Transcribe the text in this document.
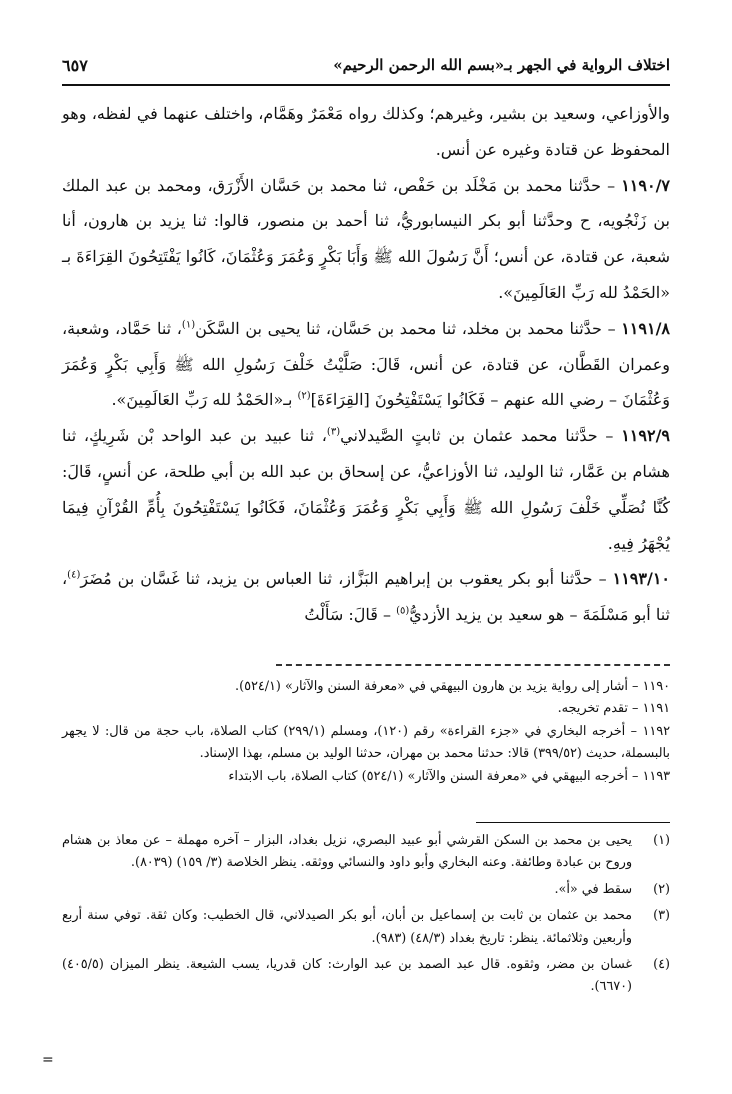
اختلاف الرواية في الجهر بـ«بسم الله الرحمن الرحيم»
٦٥٧

والأوزاعي، وسعيد بن بشير، وغيرهم؛ وكذلك رواه مَعْمَرٌ وهَمَّام، واختلف عنهما في لفظه، وهو المحفوظ عن قتادة وغيره عن أنس.

١١٩٠/٧ – حدَّثنا محمد بن مَخْلَد بن حَفْص، ثنا محمد بن حَسَّان الأَزْرَق، ومحمد بن عبد الملك بن زَنْجُويه، ح وحدَّثنا أبو بكر النيسابوريُّ، ثنا أحمد بن منصور، قالوا: ثنا يزيد بن هارون، أنا شعبة، عن قتادة، عن أنس؛ أَنَّ رَسُولَ الله ﷺ وَأَبَا بَكْرٍ وَعُمَرَ وَعُثْمَانَ، كَانُوا يَفْتَتِحُونَ القِرَاءَةَ بـ «الحَمْدُ لله رَبِّ العَالَمِينَ».

١١٩١/٨ – حدَّثنا محمد بن مخلد، ثنا محمد بن حَسَّان، ثنا يحيى بن السَّكَن$^{(١)}$، ثنا حَمَّاد، وشعبة، وعمران القَطَّان، عن قتادة، عن أنس، قَالَ: صَلَّيْتُ خَلْفَ رَسُولِ الله ﷺ وَأَبِي بَكْرٍ وَعُمَرَ وَعُثْمَانَ – رضي الله عنهم – فَكَانُوا يَسْتَفْتِحُونَ [القِرَاءَةَ]$^{(٢)}$ بـ«الحَمْدُ لله رَبِّ العَالَمِينَ».

١١٩٢/٩ – حدَّثنا محمد عثمان بن ثابتٍ الصَّيدلاني$^{(٣)}$، ثنا عبيد بن عبد الواحد بْن شَرِيكٍ، ثنا هشام بن عَمَّار، ثنا الوليد، ثنا الأوزاعيُّ، عن إسحاق بن عبد الله بن أبي طلحة، عن أنسٍ، قَالَ: كُنَّا نُصَلِّي خَلْفَ رَسُولِ الله ﷺ وَأَبِي بَكْرٍ وَعُمَرَ وَعُثْمَانَ، فَكَانُوا يَسْتَفْتِحُونَ بِأُمِّ القُرْآنِ فِيمَا يُجْهَرُ فِيهِ.

١١٩٣/١٠ – حدَّثنا أبو بكر يعقوب بن إبراهيم البَزَّاز، ثنا العباس بن يزيد، ثنا غَسَّان بن مُضَرَ$^{(٤)}$، ثنا أبو مَسْلَمَةَ – هو سعيد بن يزيد الأزديُّ$^{(٥)}$ – قَالَ: سَأَلْتُ

١١٩٠ – أشار إلى رواية يزيد بن هارون البيهقي في «معرفة السنن والآثار» (٥٢٤/١).

١١٩١ – تقدم تخريجه.

١١٩٢ – أخرجه البخاري في «جزء القراءة» رقم (١٢٠)، ومسلم (٢٩٩/١) كتاب الصلاة، باب حجة من قال: لا يجهر بالبسملة، حديث (٣٩٩/٥٢) قالا: حدثنا محمد بن مهران، حدثنا الوليد بن مسلم، بهذا الإسناد.

١١٩٣ – أخرجه البيهقي في «معرفة السنن والآثار» (٥٢٤/١) كتاب الصلاة، باب الابتداء

(١)
يحيى بن محمد بن السكن القرشي أبو عبيد البصري، نزيل بغداد، البزار – آخره مهملة – عن معاذ بن هشام وروح بن عبادة وطائفة. وعنه البخاري وأبو داود والنسائي ووثقه. ينظر الخلاصة (٣/ ١٥٩) (٨٠٣٩).

(٢)
سقط في «أ».

(٣)
محمد بن عثمان بن ثابت بن إسماعيل بن أبان، أبو بكر الصيدلاني، قال الخطيب: وكان ثقة. توفي سنة أربع وأربعين وثلاثمائة. ينظر: تاريخ بغداد (٤٨/٣) (٩٨٣).

(٤)
غسان بن مضر، وثقوه. قال عبد الصمد بن عبد الوارث: كان قدريا، يسب الشيعة. ينظر الميزان (٤٠٥/٥) (٦٦٧٠).

=
